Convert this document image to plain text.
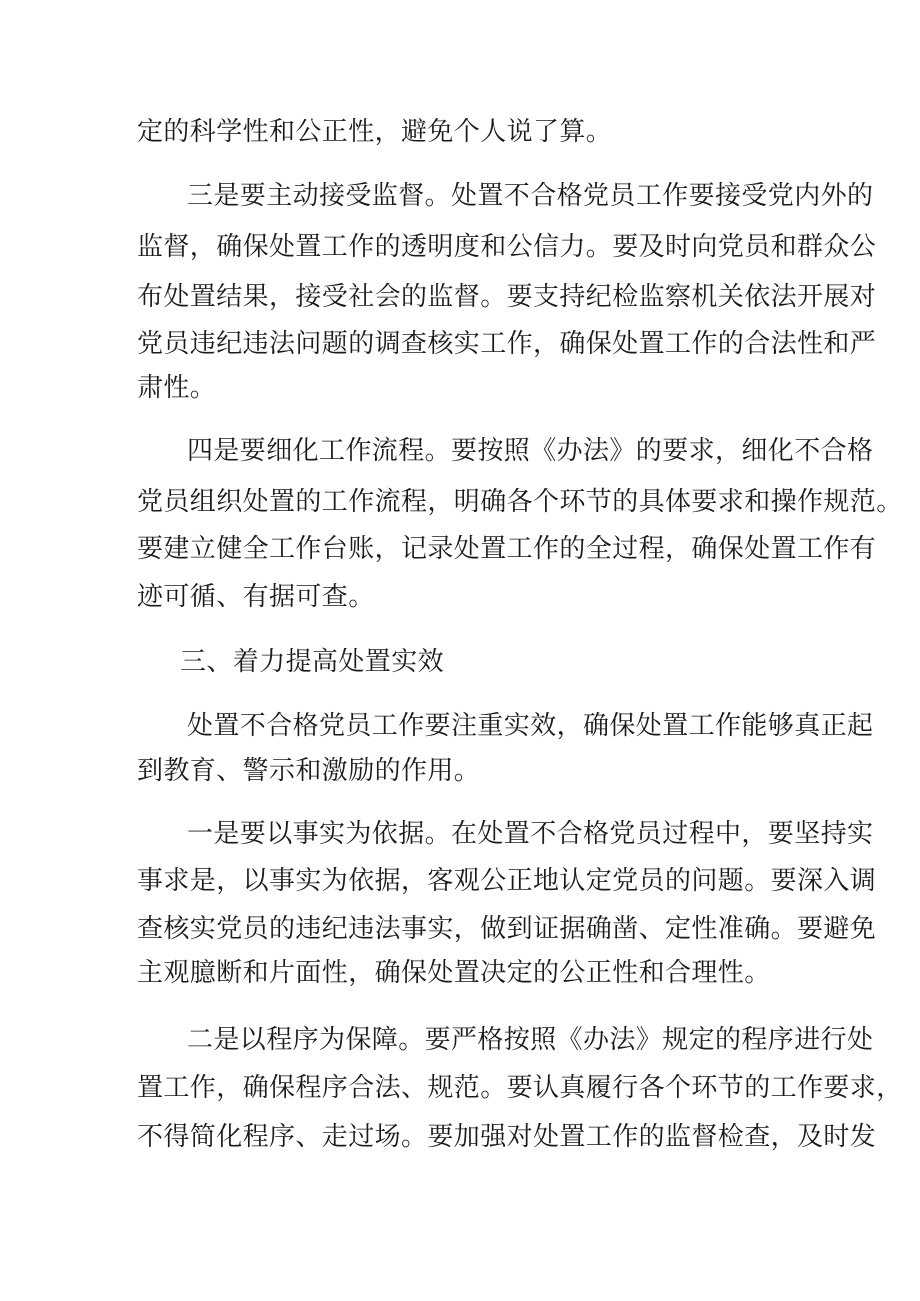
定的科学性和公正性，避免个人说了算。

三是要主动接受监督。处置不合格党员工作要接受党内外的

监督，确保处置工作的透明度和公信力。要及时向党员和群众公

布处置结果，接受社会的监督。要支持纪检监察机关依法开展对

党员违纪违法问题的调查核实工作，确保处置工作的合法性和严

肃性。

四是要细化工作流程。要按照《办法》的要求，细化不合格

党员组织处置的工作流程，明确各个环节的具体要求和操作规范。

要建立健全工作台账，记录处置工作的全过程，确保处置工作有

迹可循、有据可查。

三、着力提高处置实效

处置不合格党员工作要注重实效，确保处置工作能够真正起

到教育、警示和激励的作用。

一是要以事实为依据。在处置不合格党员过程中，要坚持实

事求是，以事实为依据，客观公正地认定党员的问题。要深入调

查核实党员的违纪违法事实，做到证据确凿、定性准确。要避免

主观臆断和片面性，确保处置决定的公正性和合理性。

二是以程序为保障。要严格按照《办法》规定的程序进行处

置工作，确保程序合法、规范。要认真履行各个环节的工作要求，

不得简化程序、走过场。要加强对处置工作的监督检查，及时发
